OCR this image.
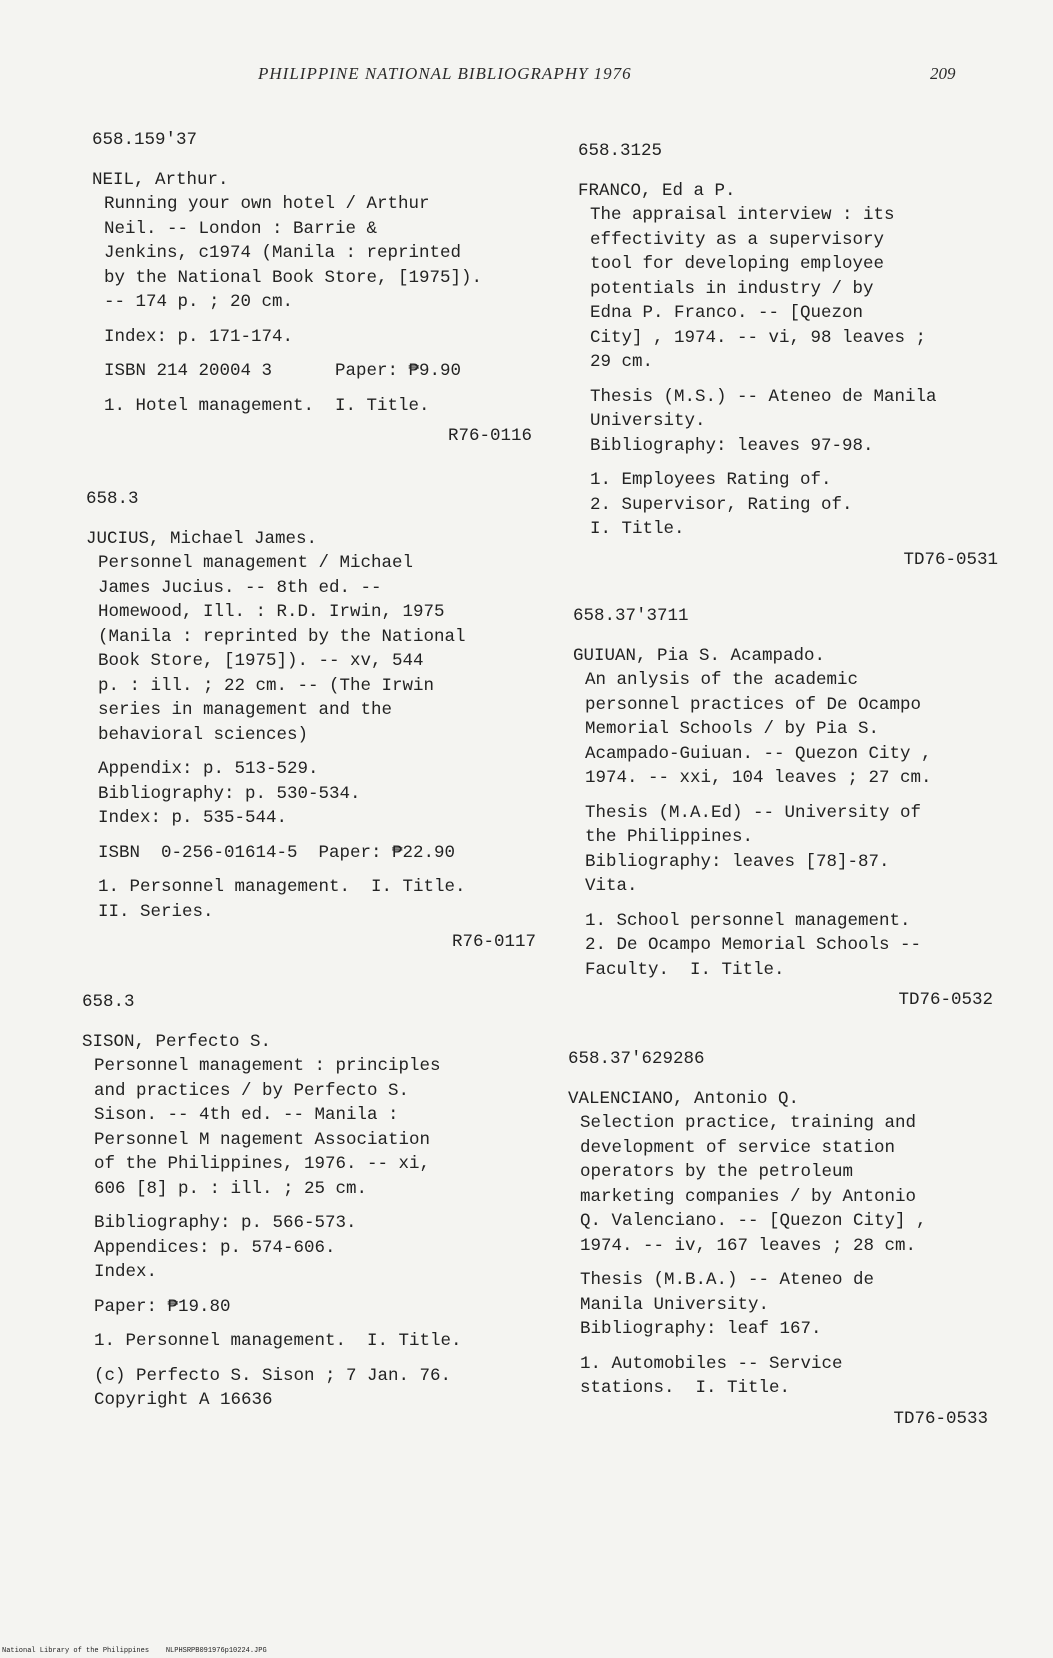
PHILIPPINE NATIONAL BIBLIOGRAPHY 1976	209
658.159'37
NEIL, Arthur.
Running your own hotel / Arthur
Neil. -- London : Barrie &
Jenkins, c1974 (Manila : reprinted
by the National Book Store, [1975]).
-- 174 p. ; 20 cm.
Index: p. 171-174.
ISBN 214 20004 3      Paper: ₱9.90
1. Hotel management.  I. Title.
R76-0116
658.3
JUCIUS, Michael James.
Personnel management / Michael
James Jucius. -- 8th ed. --
Homewood, Ill. : R.D. Irwin, 1975
(Manila : reprinted by the National
Book Store, [1975]). -- xv, 544
p. : ill. ; 22 cm. -- (The Irwin
series in management and the
behavioral sciences)
Appendix: p. 513-529.
Bibliography: p. 530-534.
Index: p. 535-544.
ISBN  0-256-01614-5  Paper: ₱22.90
1. Personnel management.  I. Title.
II. Series.
R76-0117
658.3
SISON, Perfecto S.
Personnel management : principles
and practices / by Perfecto S.
Sison. -- 4th ed. -- Manila :
Personnel M nagement Association
of the Philippines, 1976. -- xi,
606 [8] p. : ill. ; 25 cm.
Bibliography: p. 566-573.
Appendices: p. 574-606.
Index.
Paper: ₱19.80
1. Personnel management.  I. Title.
(c) Perfecto S. Sison ; 7 Jan. 76.
Copyright A 16636
658.3125
FRANCO, Ed a P.
The appraisal interview : its
effectivity as a supervisory
tool for developing employee
potentials in industry / by
Edna P. Franco. -- [Quezon
City] , 1974. -- vi, 98 leaves ;
29 cm.
Thesis (M.S.) -- Ateneo de Manila
University.
Bibliography: leaves 97-98.
1. Employees Rating of.
2. Supervisor, Rating of.
I. Title.
TD76-0531
658.37'3711
GUIUAN, Pia S. Acampado.
An anlysis of the academic
personnel practices of De Ocampo
Memorial Schools / by Pia S.
Acampado-Guiuan. -- Quezon City ,
1974. -- xxi, 104 leaves ; 27 cm.
Thesis (M.A.Ed) -- University of
the Philippines.
Bibliography: leaves [78]-87.
Vita.
1. School personnel management.
2. De Ocampo Memorial Schools --
Faculty.  I. Title.
TD76-0532
658.37'629286
VALENCIANO, Antonio Q.
Selection practice, training and
development of service station
operators by the petroleum
marketing companies / by Antonio
Q. Valenciano. -- [Quezon City] ,
1974. -- iv, 167 leaves ; 28 cm.
Thesis (M.B.A.) -- Ateneo de
Manila University.
Bibliography: leaf 167.
1. Automobiles -- Service
stations.  I. Title.
TD76-0533
National Library of the Philippines NLPHSRPB091976p10224.JPG
